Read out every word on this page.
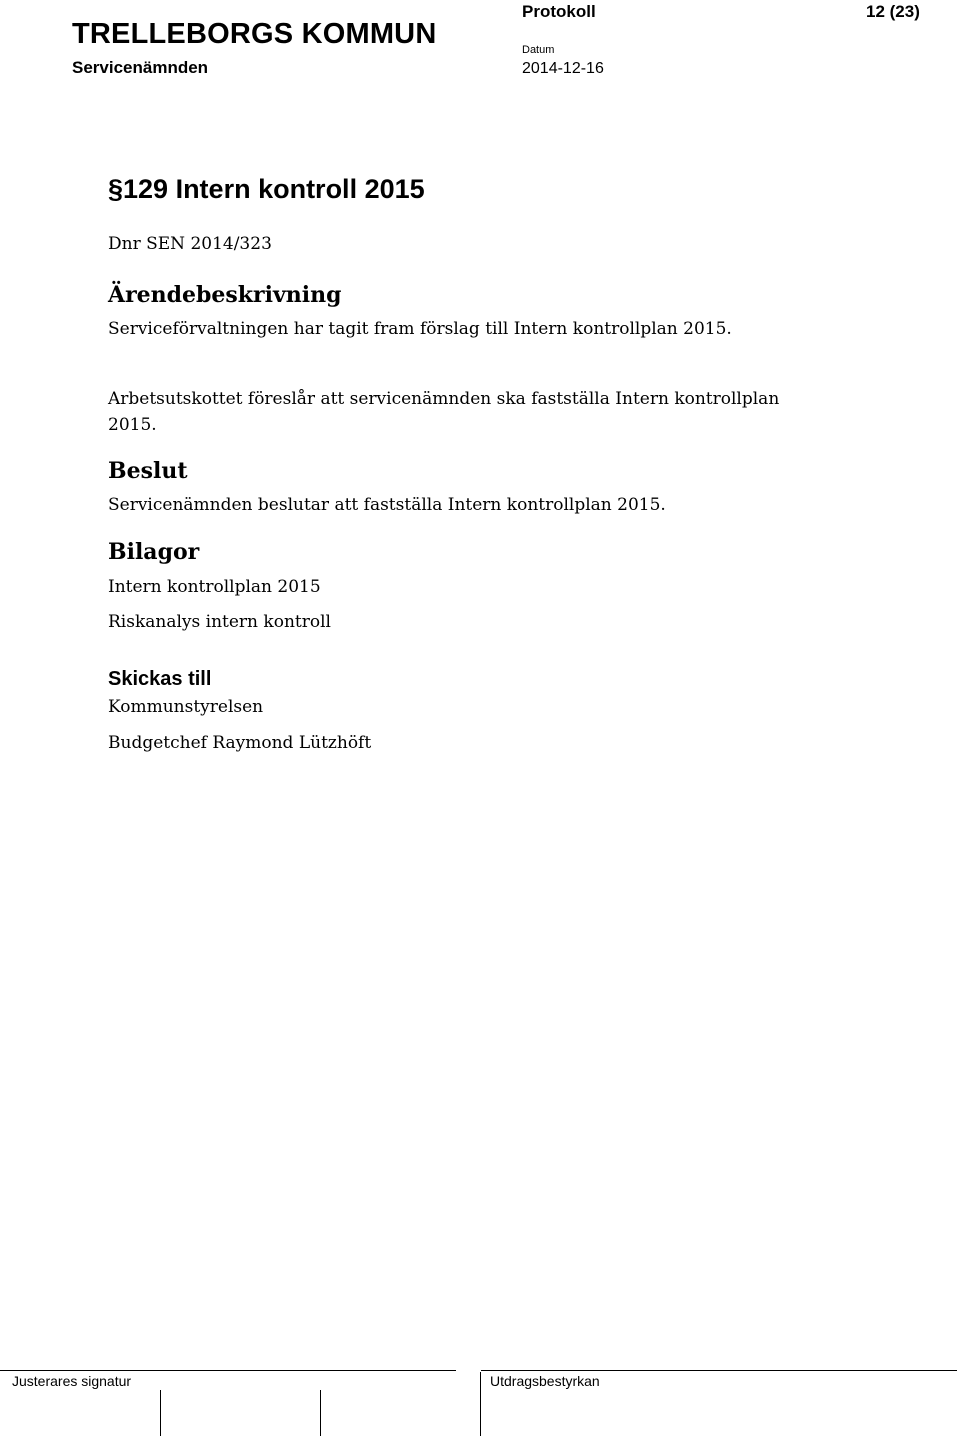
TRELLEBORGS KOMMUN
Servicenämnden
Protokoll	12 (23)
Datum
2014-12-16
§129 Intern kontroll 2015
Dnr SEN 2014/323
Ärendebeskrivning
Serviceförvaltningen har tagit fram förslag till Intern kontrollplan 2015.
Arbetsutskottet föreslår att servicenämnden ska fastställa Intern kontrollplan 2015.
Beslut
Servicenämnden beslutar att fastställa Intern kontrollplan 2015.
Bilagor
Intern kontrollplan 2015
Riskanalys intern kontroll
Skickas till
Kommunstyrelsen
Budgetchef Raymond Lützhöft
Justerares signatur	Utdragsbestyrkan
